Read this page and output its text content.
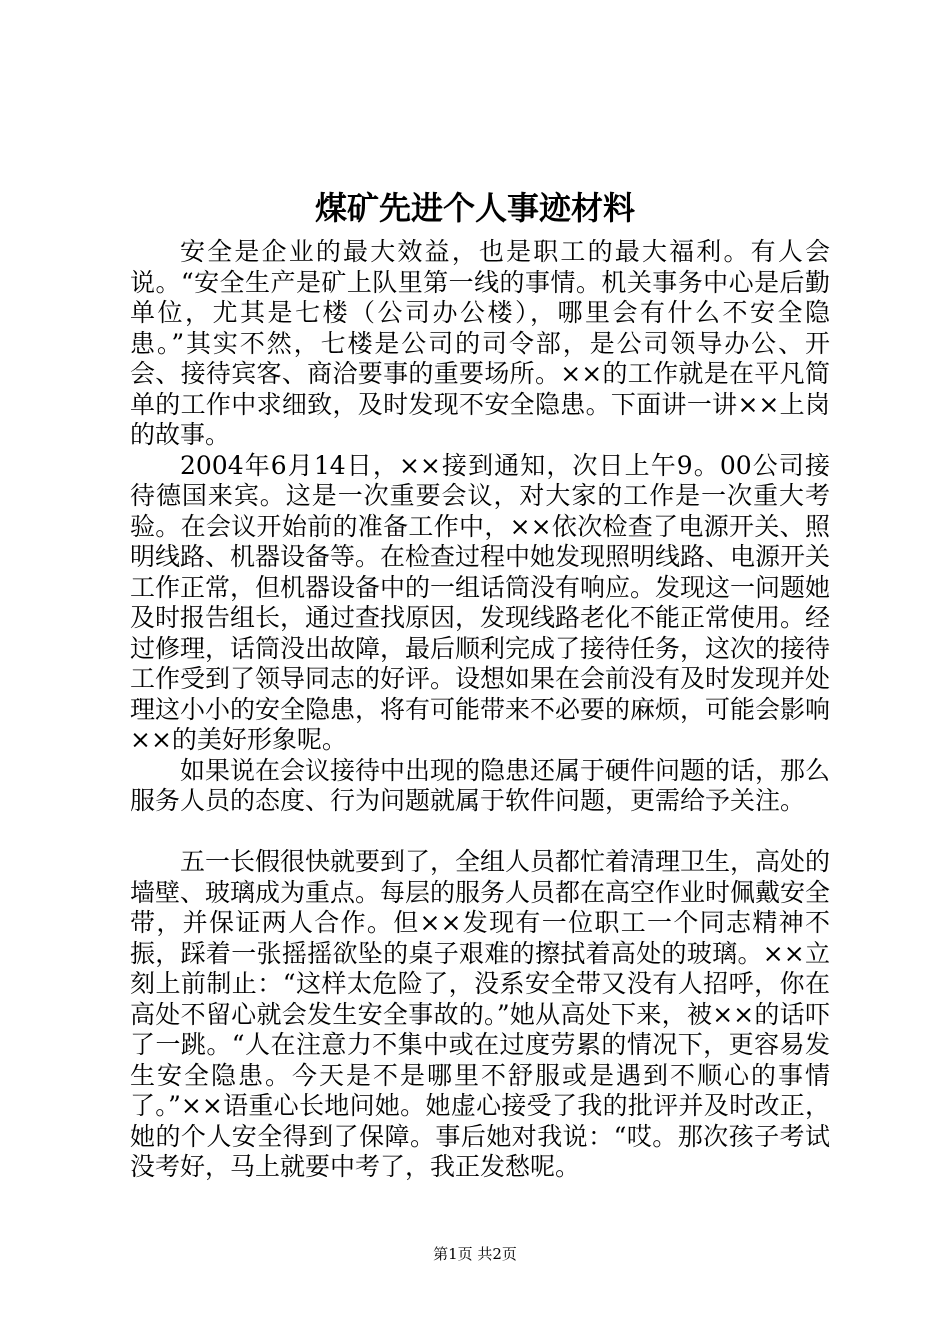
煤矿先进个人事迹材料

安全是企业的最大效益，也是职工的最大福利。有人会说。“安全生产是矿上队里第一线的事情。机关事务中心是后勤单位，尤其是七楼（公司办公楼），哪里会有什么不安全隐患。”其实不然，七楼是公司的司令部，是公司领导办公、开会、接待宾客、商洽要事的重要场所。××的工作就是在平凡简单的工作中求细致，及时发现不安全隐患。下面讲一讲××上岗的故事。

2004年6月14日，××接到通知，次日上午9。00公司接待德国来宾。这是一次重要会议，对大家的工作是一次重大考验。在会议开始前的准备工作中，××依次检查了电源开关、照明线路、机器设备等。在检查过程中她发现照明线路、电源开关工作正常，但机器设备中的一组话筒没有响应。发现这一问题她及时报告组长，通过查找原因，发现线路老化不能正常使用。经过修理，话筒没出故障，最后顺利完成了接待任务，这次的接待工作受到了领导同志的好评。设想如果在会前没有及时发现并处理这小小的安全隐患，将有可能带来不必要的麻烦，可能会影响××的美好形象呢。

如果说在会议接待中出现的隐患还属于硬件问题的话，那么服务人员的态度、行为问题就属于软件问题，更需给予关注。

五一长假很快就要到了，全组人员都忙着清理卫生，高处的墙壁、玻璃成为重点。每层的服务人员都在高空作业时佩戴安全带，并保证两人合作。但××发现有一位职工一个同志精神不振，踩着一张摇摇欲坠的桌子艰难的擦拭着高处的玻璃。××立刻上前制止：“这样太危险了，没系安全带又没有人招呼，你在高处不留心就会发生安全事故的。”她从高处下来，被××的话吓了一跳。“人在注意力不集中或在过度劳累的情况下，更容易发生安全隐患。今天是不是哪里不舒服或是遇到不顺心的事情了。”××语重心长地问她。她虚心接受了我的批评并及时改正，她的个人安全得到了保障。事后她对我说：“哎。那次孩子考试没考好，马上就要中考了，我正发愁呢。

第1页 共2页
